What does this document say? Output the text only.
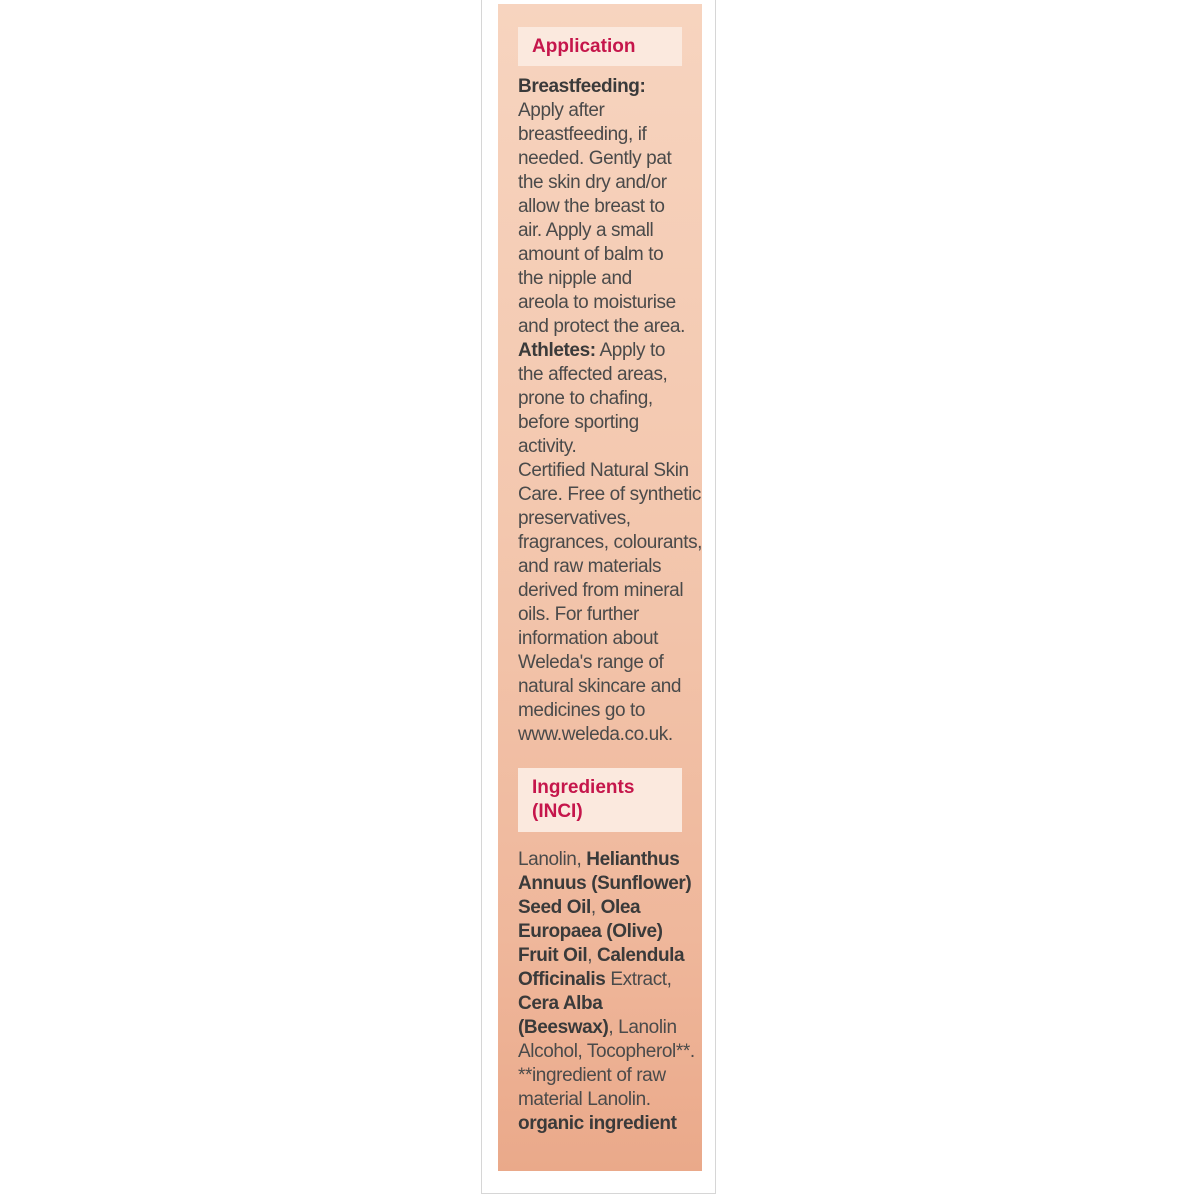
Application
Breastfeeding:
Apply after
breastfeeding, if
needed. Gently pat
the skin dry and/or
allow the breast to
air. Apply a small
amount of balm to
the nipple and
areola to moisturise
and protect the area.
Athletes: Apply to
the affected areas,
prone to chafing,
before sporting
activity.
Certified Natural Skin
Care. Free of synthetic
preservatives,
fragrances, colourants,
and raw materials
derived from mineral
oils. For further
information about
Weleda's range of
natural skincare and
medicines go to
www.weleda.co.uk.
Ingredients
(INCI)
Lanolin, Helianthus
Annuus (Sunflower)
Seed Oil, Olea
Europaea (Olive)
Fruit Oil, Calendula
Officinalis Extract,
Cera Alba
(Beeswax), Lanolin
Alcohol, Tocopherol**.
**ingredient of raw
material Lanolin.
organic ingredient
